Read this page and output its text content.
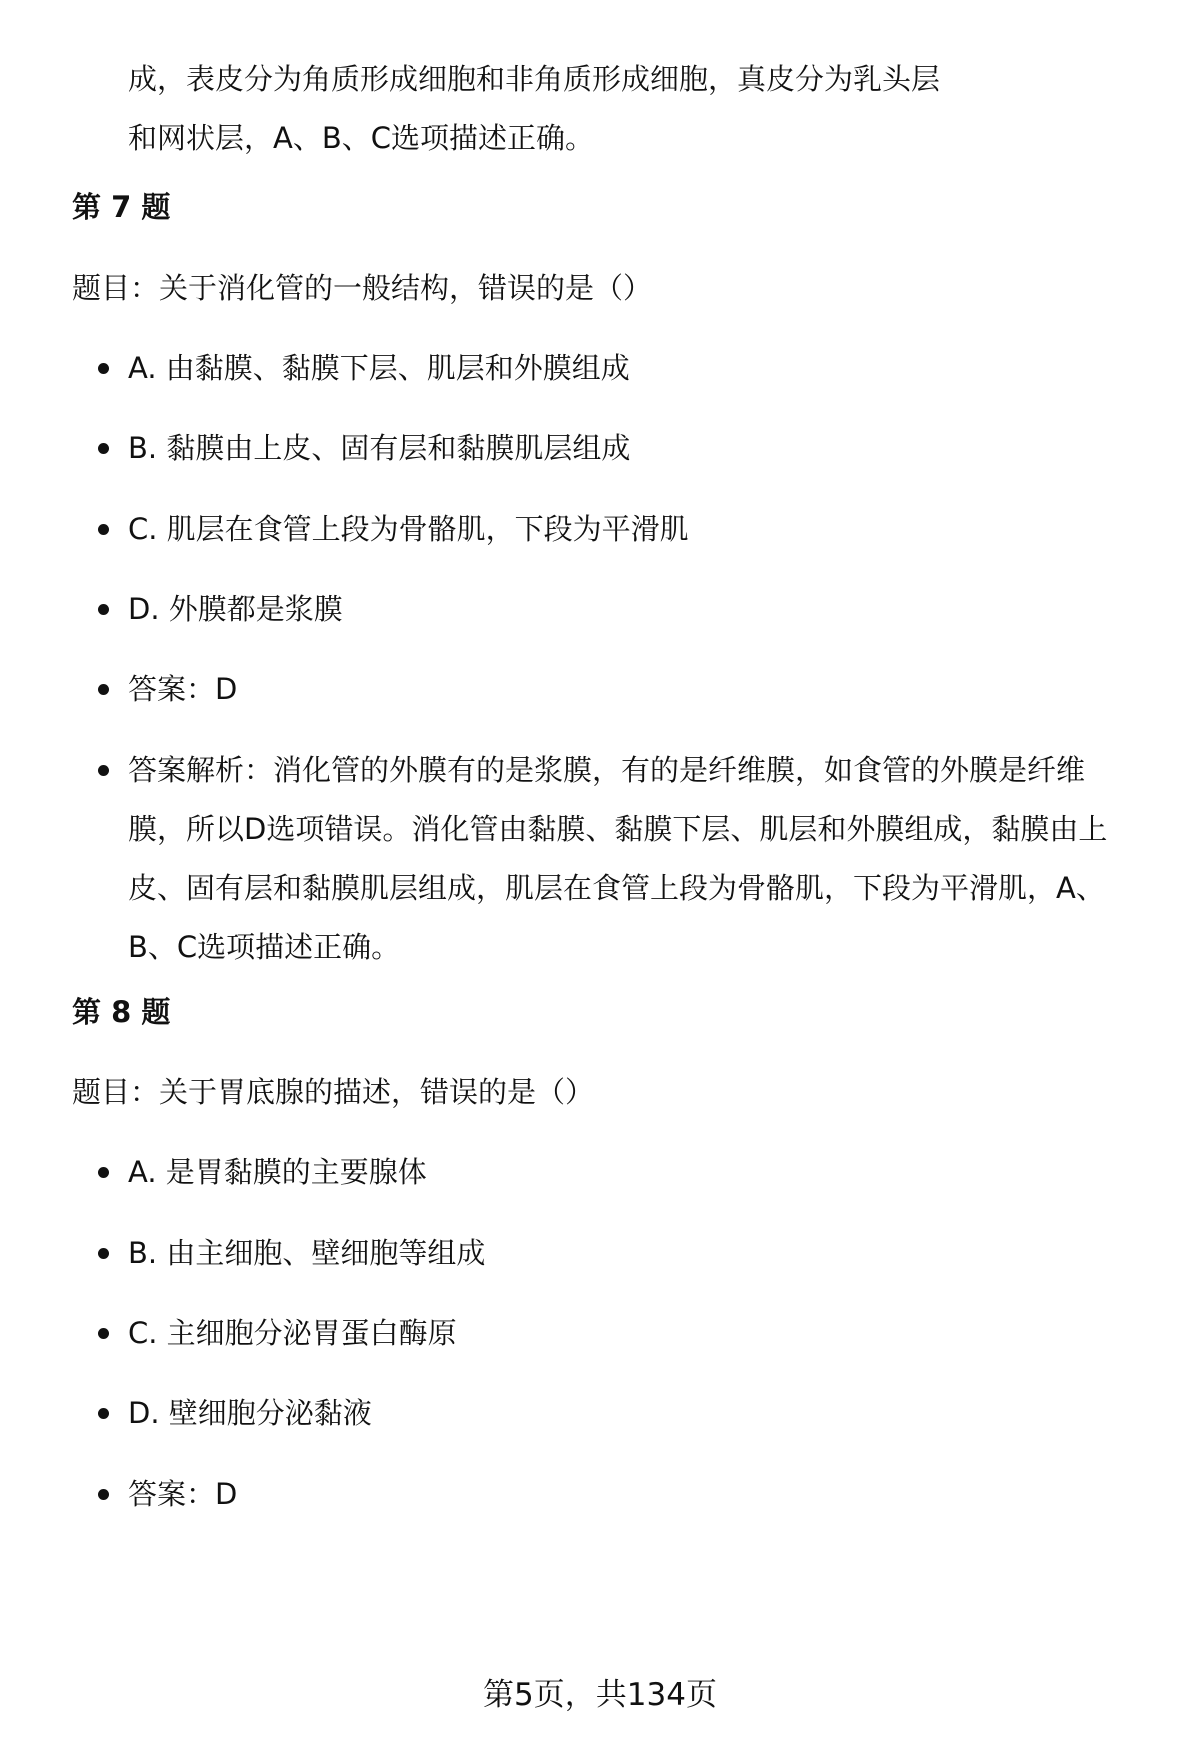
成，表皮分为角质形成细胞和非角质形成细胞，真皮分为乳头层和网状层，A、B、C选项描述正确。
第 7 题
题目：关于消化管的一般结构，错误的是（）
A. 由黏膜、黏膜下层、肌层和外膜组成
B. 黏膜由上皮、固有层和黏膜肌层组成
C. 肌层在食管上段为骨骼肌，下段为平滑肌
D. 外膜都是浆膜
答案：D
答案解析：消化管的外膜有的是浆膜，有的是纤维膜，如食管的外膜是纤维膜，所以D选项错误。消化管由黏膜、黏膜下层、肌层和外膜组成，黏膜由上皮、固有层和黏膜肌层组成，肌层在食管上段为骨骼肌，下段为平滑肌，A、B、C选项描述正确。
第 8 题
题目：关于胃底腺的描述，错误的是（）
A. 是胃黏膜的主要腺体
B. 由主细胞、壁细胞等组成
C. 主细胞分泌胃蛋白酶原
D. 壁细胞分泌黏液
答案：D
第5页，共134页
